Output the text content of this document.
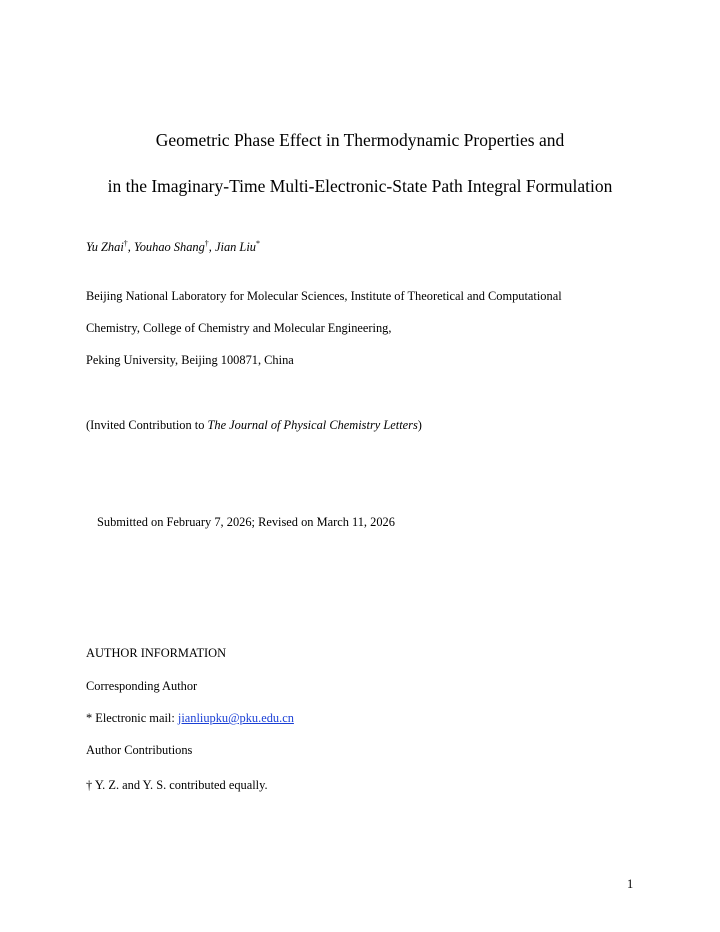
Geometric Phase Effect in Thermodynamic Properties and
in the Imaginary-Time Multi-Electronic-State Path Integral Formulation
Yu Zhai†, Youhao Shang†, Jian Liu*
Beijing National Laboratory for Molecular Sciences, Institute of Theoretical and Computational
Chemistry, College of Chemistry and Molecular Engineering,
Peking University, Beijing 100871, China
(Invited Contribution to The Journal of Physical Chemistry Letters)
Submitted on February 7, 2026; Revised on March 11, 2026
AUTHOR INFORMATION
Corresponding Author
* Electronic mail: jianliupku@pku.edu.cn
Author Contributions
† Y. Z. and Y. S. contributed equally.
1
